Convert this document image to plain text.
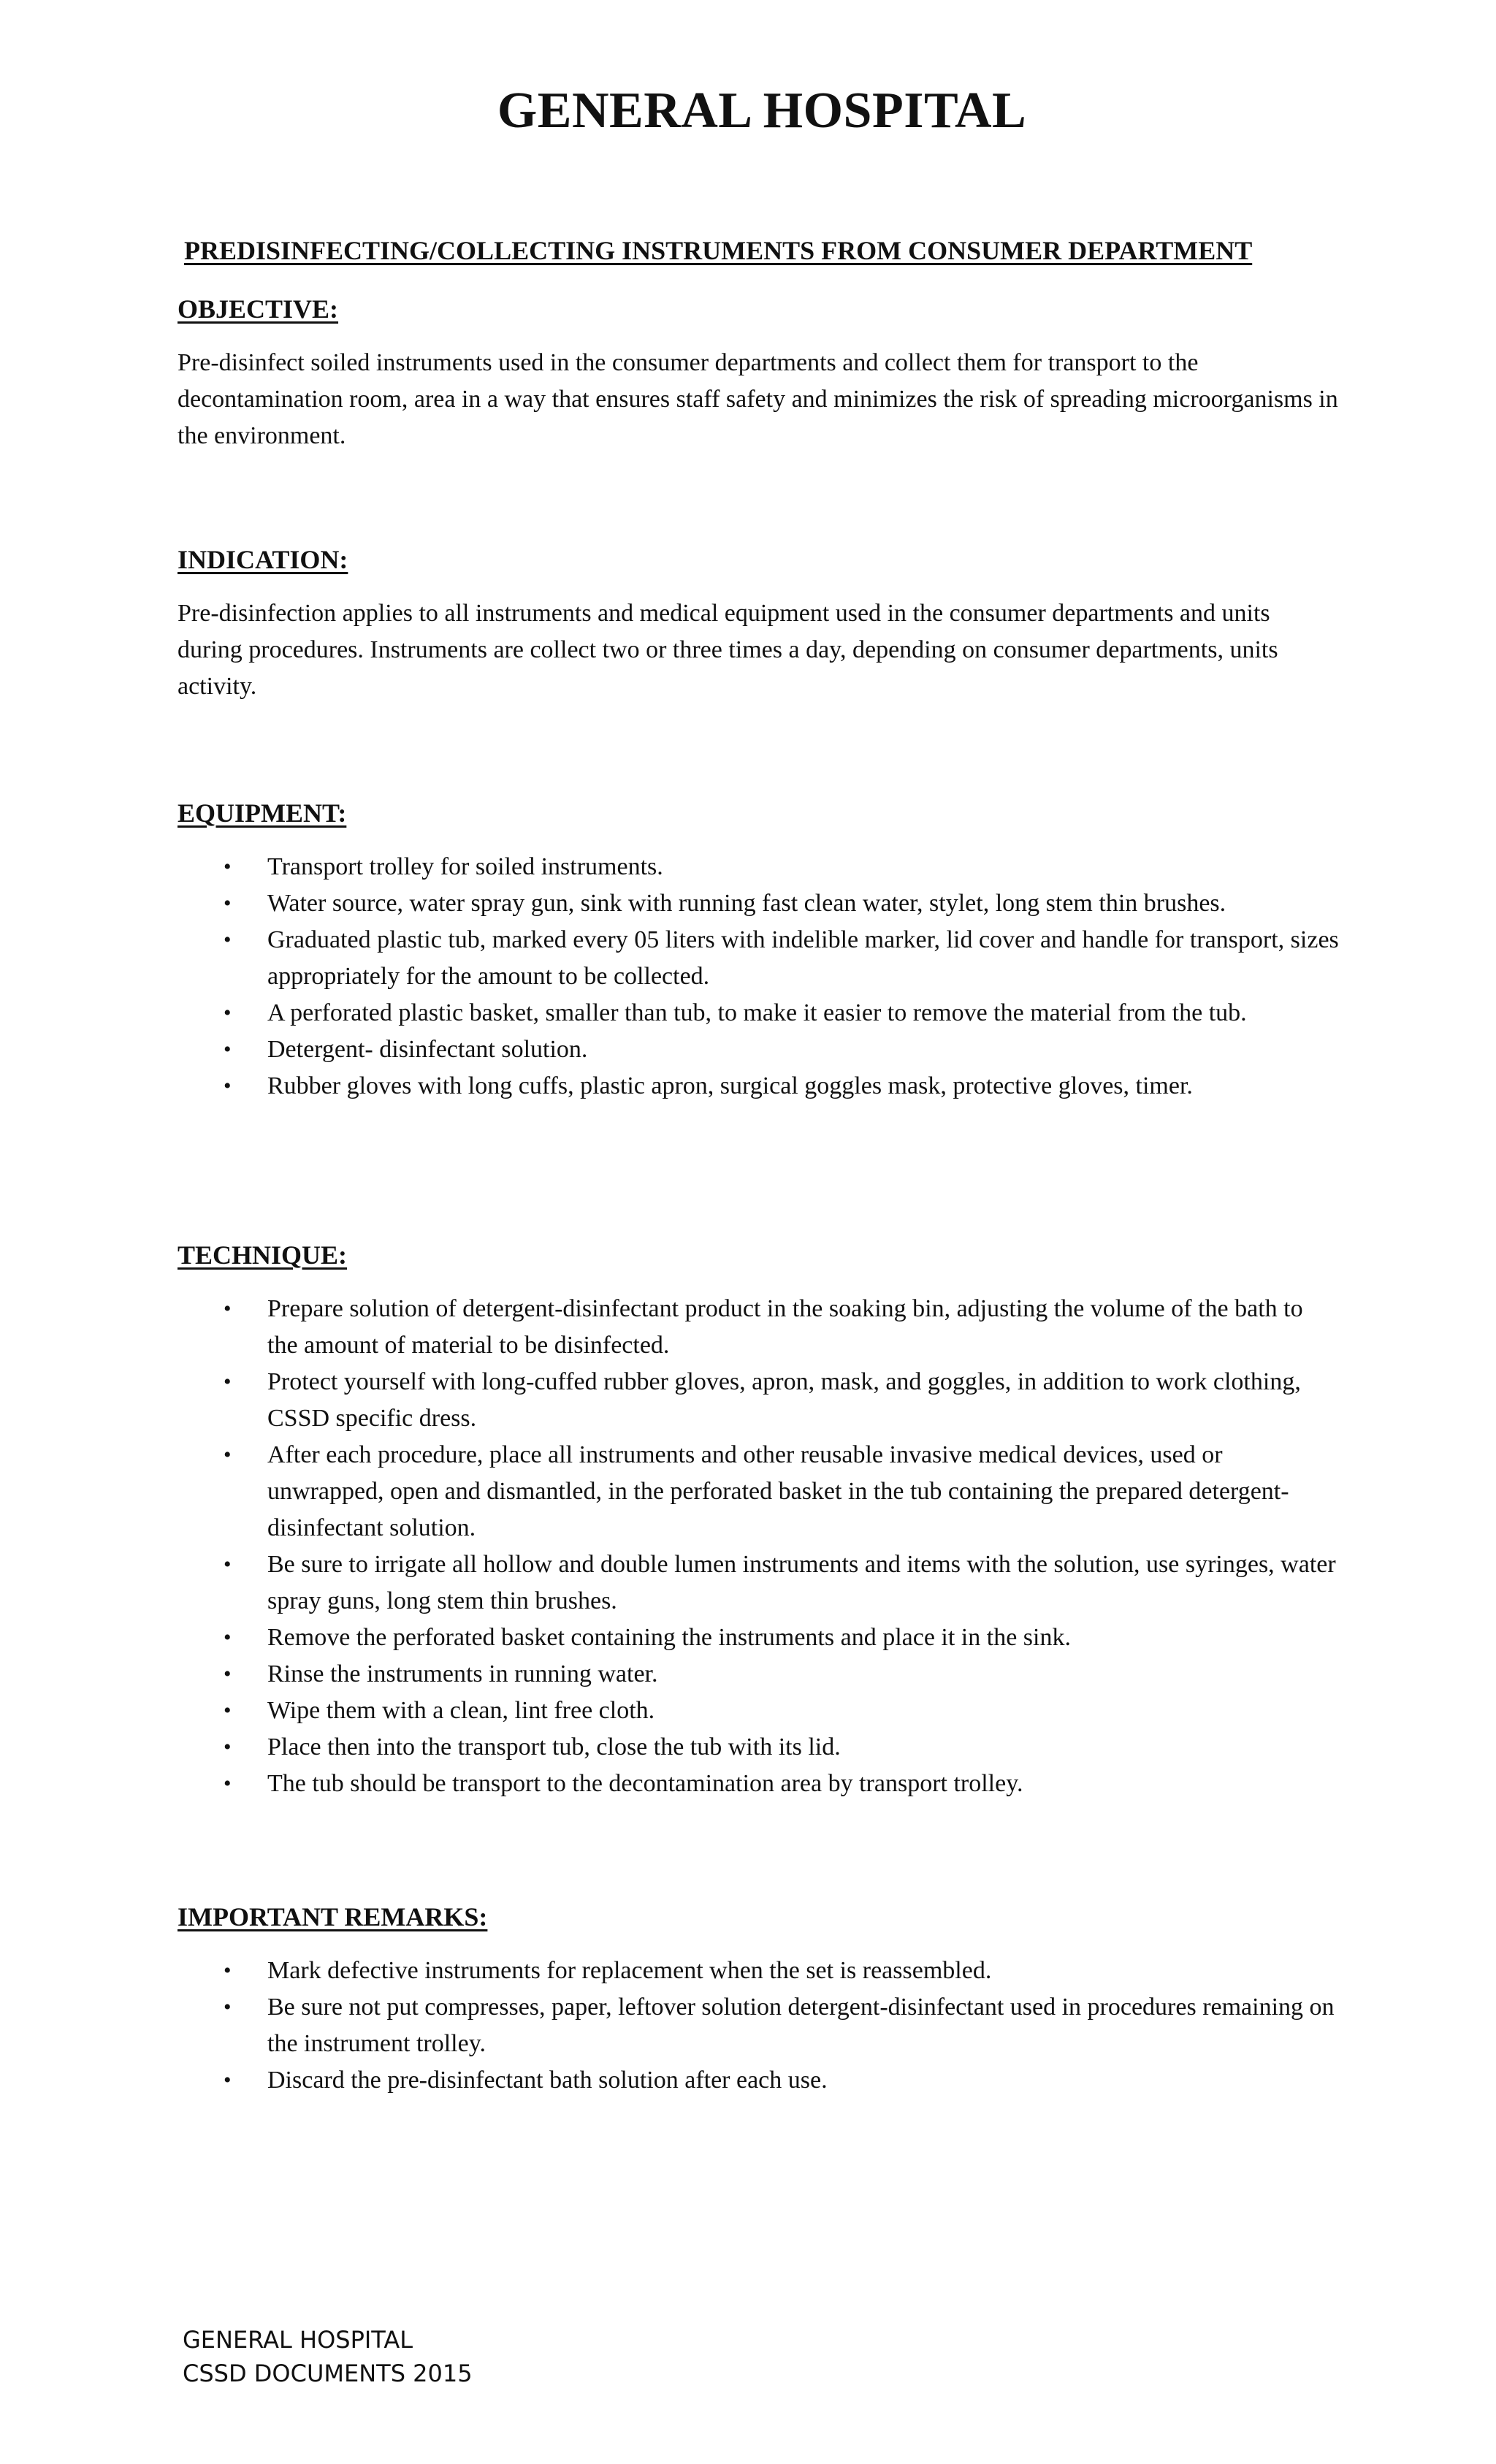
GENERAL HOSPITAL
PREDISINFECTING/COLLECTING INSTRUMENTS FROM CONSUMER DEPARTMENT
OBJECTIVE:

Pre-disinfect soiled instruments used in the consumer departments and collect them for transport to the decontamination room, area in a way that ensures staff safety and minimizes the risk of spreading microorganisms in the environment.

INDICATION:

Pre-disinfection applies to all instruments and medical equipment used in the consumer departments and units during procedures. Instruments are collect two or three times a day, depending on consumer departments, units activity.

EQUIPMENT:
• Transport trolley for soiled instruments.
• Water source, water spray gun, sink with running fast clean water, stylet, long stem thin brushes.
• Graduated plastic tub, marked every 05 liters with indelible marker, lid cover and handle for transport, sizes appropriately for the amount to be collected.
• A perforated plastic basket, smaller than tub, to make it easier to remove the material from the tub.
• Detergent- disinfectant solution.
• Rubber gloves with long cuffs, plastic apron, surgical goggles mask, protective gloves, timer.
TECHNIQUE:
• Prepare solution of detergent-disinfectant product in the soaking bin, adjusting the volume of the bath to the amount of material to be disinfected.
• Protect yourself with long-cuffed rubber gloves, apron, mask, and goggles, in addition to work clothing, CSSD specific dress.
• After each procedure, place all instruments and other reusable invasive medical devices, used or unwrapped, open and dismantled, in the perforated basket in the tub containing the prepared detergent-disinfectant solution.
• Be sure to irrigate all hollow and double lumen instruments and items with the solution, use syringes, water spray guns, long stem thin brushes.
• Remove the perforated basket containing the instruments and place it in the sink.
• Rinse the instruments in running water.
• Wipe them with a clean, lint free cloth.
• Place then into the transport tub, close the tub with its lid.
• The tub should be transport to the decontamination area by transport trolley.
IMPORTANT REMARKS:
• Mark defective instruments for replacement when the set is reassembled.
• Be sure not put compresses, paper, leftover solution detergent-disinfectant used in procedures remaining on the instrument trolley.
• Discard the pre-disinfectant bath solution after each use.
GENERAL HOSPITAL
CSSD DOCUMENTS 2015
